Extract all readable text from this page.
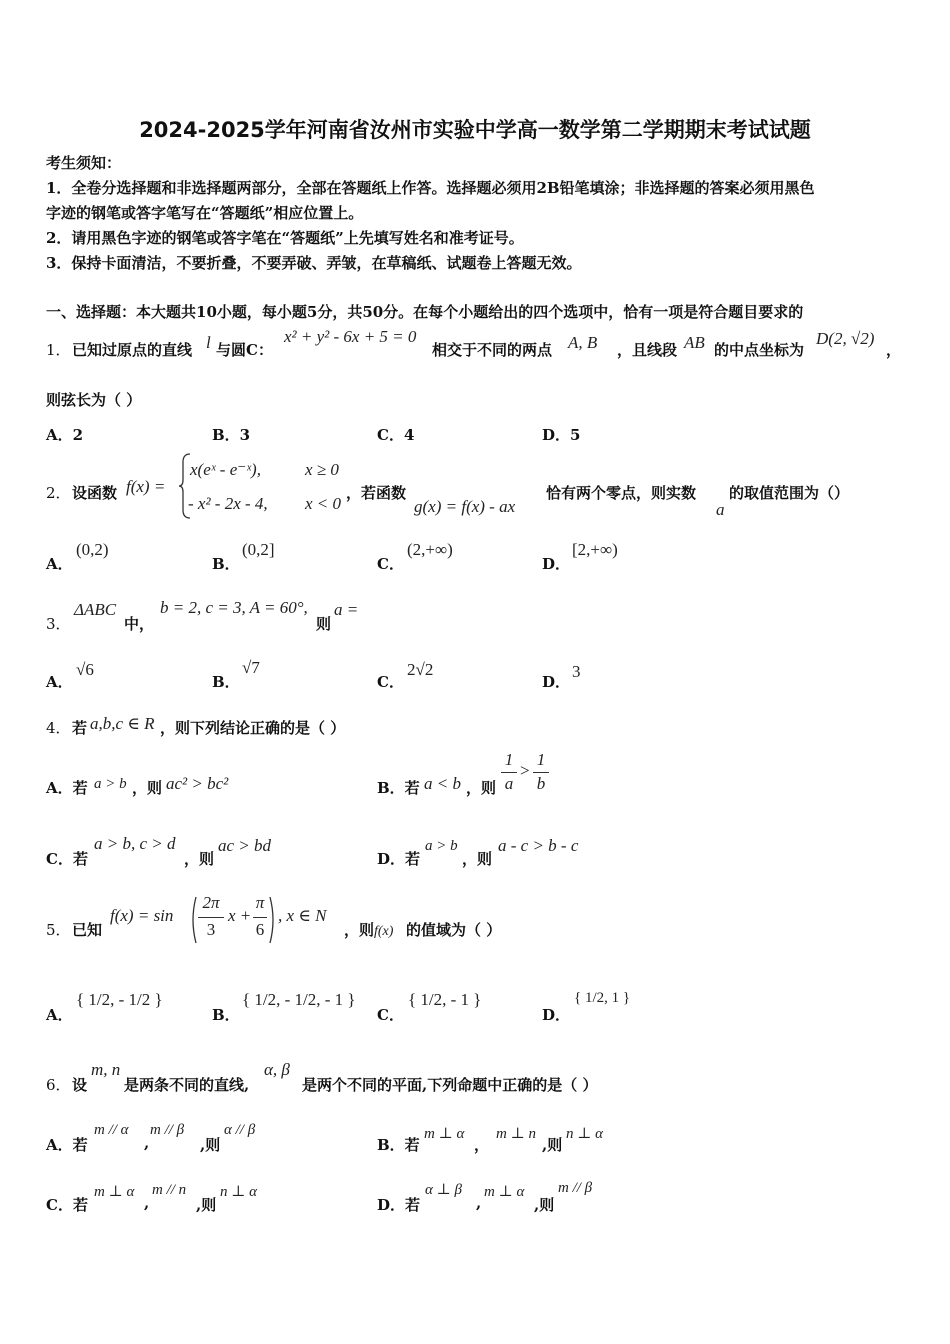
2024-2025学年河南省汝州市实验中学高一数学第二学期期末考试试题
考生须知：
1．全卷分选择题和非选择题两部分，全部在答题纸上作答。选择题必须用2B铅笔填涂；非选择题的答案必须用黑色
字迹的钢笔或答字笔写在“答题纸”相应位置上。
2．请用黑色字迹的钢笔或答字笔在“答题纸”上先填写姓名和准考证号。
3．保持卡面清洁，不要折叠，不要弄破、弄皱，在草稿纸、试题卷上答题无效。
一、选择题：本大题共10小题，每小题5分，共50分。在每个小题给出的四个选项中，恰有一项是符合题目要求的
1． 已知过原点的直线 l 与圆C：
x² + y² - 6x + 5 = 0
相交于不同的两点 A, B ，且线段 AB 的中点坐标为
D(2, √2)
，
则弦长为（ ）
A．2	B．3	C．4	D．5
2． 设函数 f(x) =
x(eˣ - e⁻ˣ),	x ≥ 0
- x² - 2x - 4, x < 0
，若函数
g(x) = f(x) - ax
恰有两个零点，则实数
a
的取值范围为（）
A．
(0,2)
B．
(0,2]
C．
(2,+∞)
D．
[2,+∞)
3．
ΔABC
中，
b = 2, c = 3, A = 60°,
则
a =
A．
√6
B．
√7
C．
2√2
D．
3
4． 若 a,b,c ∈ R ，则下列结论正确的是（ ）
A．若 a > b ，则 ac² > bc²	B．若 a < b ，则
1
a
>
1
b
C．若
a > b, c > d
，则
ac > bd
D．若
a > b
，则
a - c > b - c
5． 已知
f(x) = sin
2π
3
x +
π
6
, x ∈ N
，则 f(x) 的值域为（ ）
A．
{ 1/2, - 1/2 }
B．
{ 1/2, - 1/2, - 1 }
C．
{ 1/2, - 1 }
D．
{ 1/2, 1 }
6． 设
m, n
是两条不同的直线,
α, β
是两个不同的平面,下列命题中正确的是（ ）
A．若
m // α
,
m // β
,则
α // β
B．若
m ⊥ α
，
m ⊥ n
,则
n ⊥ α
C．若
m ⊥ α
,
m // n
,则
n ⊥ α
D．若
α ⊥ β
,
m ⊥ α
,则
m // β
